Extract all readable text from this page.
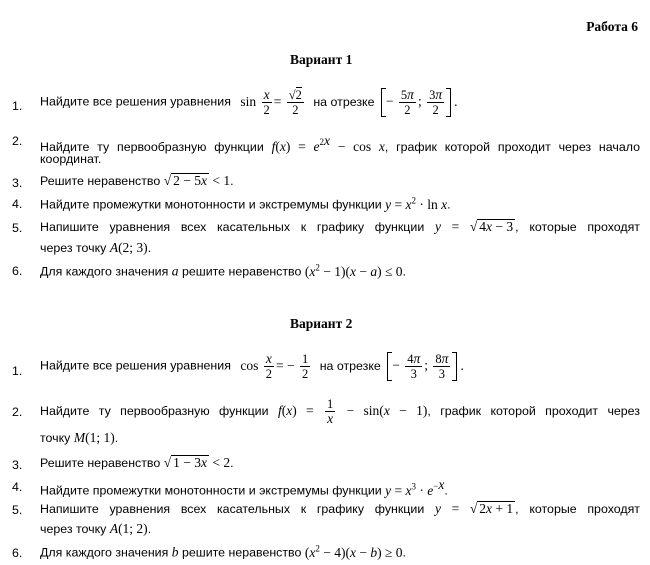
Работа 6
Вариант 1
1. Найдите все решения уравнения $\sin \frac{x}{2} = \frac{√2}{2}$ на отрезке − $\frac{5\pi}{2}$ ; $\frac{3\pi}{2}$ .
2. Найдите ту первообразную функции $f(x) = e^{2x} - \cos x$, график которой проходит через начало
координат.
3. Решите неравенство √ 2 − 5x < 1.
4. Найдите промежутки монотонности и экстремумы функции $y = x^2 \cdot \ln x$.
5. Напишите уравнения всех касательных к графику функции y = √ 4x − 3 , которые проходят
через точку A(2; 3).
6. Для каждого значения a решите неравенство $(x^2 - 1)(x - a) \le 0$.
Вариант 2
1. Найдите все решения уравнения $\cos \frac{x}{2}$ = − $\frac{1}{2}$ на отрезке − $\frac{4\pi}{3}$ ; $\frac{8\pi}{3}$ .
2. Найдите ту первообразную функции $f(x) = \frac{1}{x} - \sin(x - 1)$, график которой проходит через
точку M(1; 1).
3. Решите неравенство √ 1 − 3x < 2.
4. Найдите промежутки монотонности и экстремумы функции $y = x^3 \cdot e^{-x}$.
5. Напишите уравнения всех касательных к графику функции y = √ 2x + 1 , которые проходят
через точку A(1; 2).
6. Для каждого значения b решите неравенство $(x^2 - 4)(x - b) \ge 0$.
